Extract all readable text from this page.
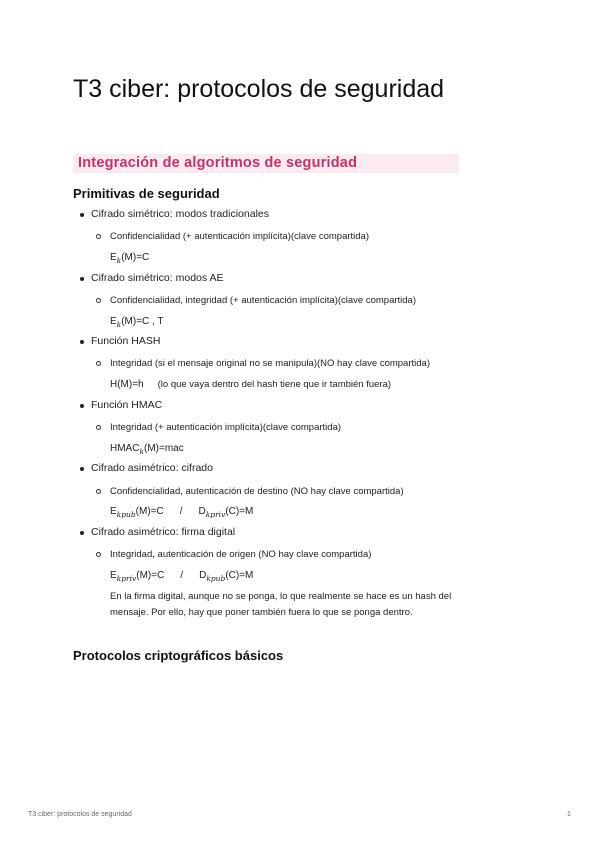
T3 ciber: protocolos de seguridad
Integración de algoritmos de seguridad
Primitivas de seguridad
Cifrado simétrico: modos tradicionales
Confidencialidad (+ autenticación implícita)(clave compartida)
$E_k(M)=C$
Cifrado simétrico: modos AE
Confidencialidad, integridad (+ autenticación implícita)(clave compartida)
$E_k(M)=C$ , T
Función HASH
Integridad (si el mensaje original no se manipula)(NO hay clave compartida)
H(M)=h (lo que vaya dentro del hash tiene que ir también fuera)
Función HMAC
Integridad (+ autenticación implícita)(clave compartida)
$HMAC_k(M)=mac$
Cifrado asimétrico: cifrado
Confidencialidad, autenticación de destino (NO hay clave compartida)
$E_{kpub}(M)=C / D_{kpriv}(C)=M$
Cifrado asimétrico: firma digital
Integridad, autenticación de origen (NO hay clave compartida)
$E_{kpriv}(M)=C / D_{kpub}(C)=M$

En la firma digital, aunque no se ponga, lo que realmente se hace es un hash del mensaje. Por ello, hay que poner también fuera lo que se ponga dentro.

Protocolos criptográficos básicos
T3 ciber: protocolos de seguridad	1
